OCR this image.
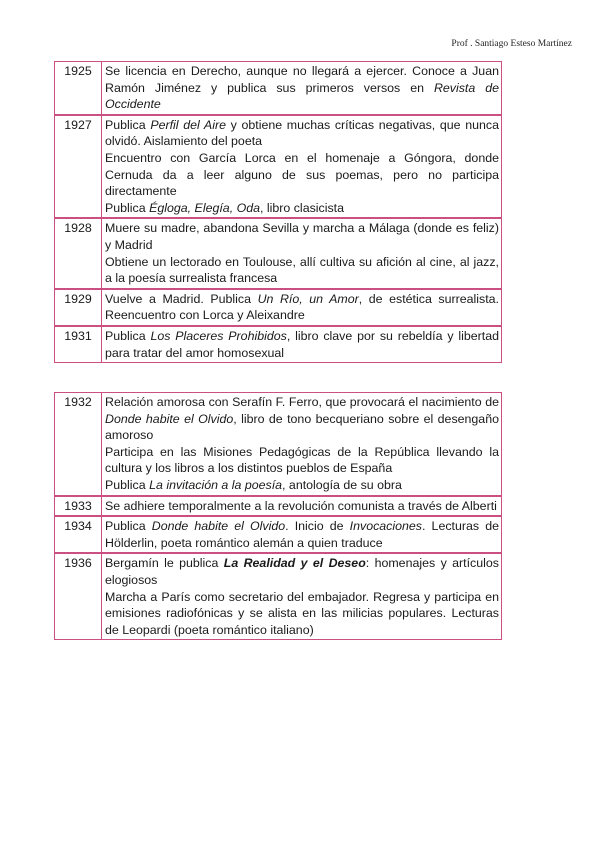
Prof . Santiago Esteso Martínez
1925	Se licencia en Derecho, aunque no llegará a ejercer. Conoce a Juan Ramón Jiménez y publica sus primeros versos en Revista de Occidente

1927	Publica Perfil del Aire y obtiene muchas críticas negativas, que nunca olvidó. Aislamiento del poeta

Encuentro con García Lorca en el homenaje a Góngora, donde Cernuda da a leer alguno de sus poemas, pero no participa directamente

Publica Égloga, Elegía, Oda, libro clasicista

1928	Muere su madre, abandona Sevilla y marcha a Málaga (donde es feliz) y Madrid

Obtiene un lectorado en Toulouse, allí cultiva su afición al cine, al jazz, a la poesía surrealista francesa

1929	Vuelve a Madrid. Publica Un Río, un Amor, de estética surrealista. Reencuentro con Lorca y Aleixandre

1931	Publica Los Placeres Prohibidos, libro clave por su rebeldía y libertad para tratar del amor homosexual

1932	Relación amorosa con Serafín F. Ferro, que provocará el nacimiento de Donde habite el Olvido, libro de tono becqueriano sobre el desengaño amoroso

Participa en las Misiones Pedagógicas de la República llevando la cultura y los libros a los distintos pueblos de España

Publica La invitación a la poesía, antología de su obra

1933	Se adhiere temporalmente a la revolución comunista a través de Alberti

1934	Publica Donde habite el Olvido. Inicio de Invocaciones. Lecturas de Hölderlin, poeta romántico alemán a quien traduce

1936	Bergamín le publica La Realidad y el Deseo: homenajes y artículos elogiosos

Marcha a París como secretario del embajador. Regresa y participa en emisiones radiofónicas y se alista en las milicias populares. Lecturas de Leopardi (poeta romántico italiano)
